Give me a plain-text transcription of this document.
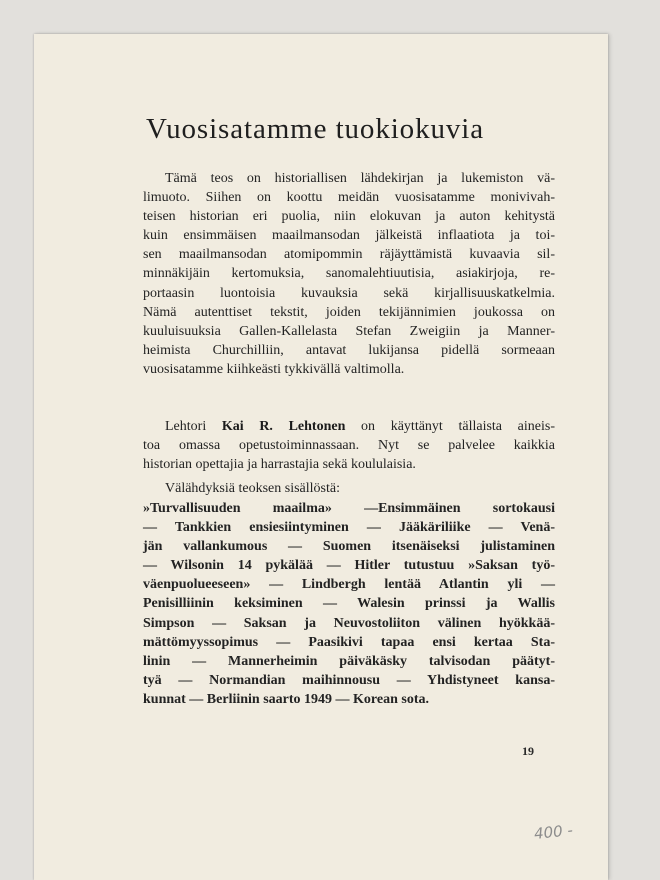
Vuosisatamme tuokiokuvia
Tämä teos on historiallisen lähdekirjan ja lukemiston vä-
limuoto. Siihen on koottu meidän vuosisatamme monivivah-
teisen historian eri puolia, niin elokuvan ja auton kehitystä
kuin ensimmäisen maailmansodan jälkeistä inflaatiota ja toi-
sen maailmansodan atomipommin räjäyttämistä kuvaavia sil-
minnäkijäin kertomuksia, sanomalehtiuutisia, asiakirjoja, re-
portaasin luontoisia kuvauksia sekä kirjallisuuskatkelmia.
Nämä autenttiset tekstit, joiden tekijännimien joukossa on
kuuluisuuksia Gallen-Kallelasta Stefan Zweigiin ja Manner-
heimista Churchilliin, antavat lukijansa pidellä sormeaan
vuosisatamme kiihkeästi tykkivällä valtimolla.
Lehtori Kai R. Lehtonen on käyttänyt tällaista aineis-
toa omassa opetustoiminnassaan. Nyt se palvelee kaikkia
historian opettajia ja harrastajia sekä koululaisia.
Välähdyksiä teoksen sisällöstä:
»Turvallisuuden maailma» —Ensimmäinen sortokausi
— Tankkien ensiesiintyminen — Jääkäriliike — Venä-
jän vallankumous — Suomen itsenäiseksi julistaminen
— Wilsonin 14 pykälää — Hitler tutustuu »Saksan työ-
väenpuolueeseen» — Lindbergh lentää Atlantin yli —
Penisilliinin keksiminen — Walesin prinssi ja Wallis
Simpson — Saksan ja Neuvostoliiton välinen hyökkää-
mättömyyssopimus — Paasikivi tapaa ensi kertaa Sta-
linin — Mannerheimin päiväkäsky talvisodan päätyt-
tyä — Normandian maihinnousu — Yhdistyneet kansa-
kunnat — Berliinin saarto 1949 — Korean sota.
19
400 -
